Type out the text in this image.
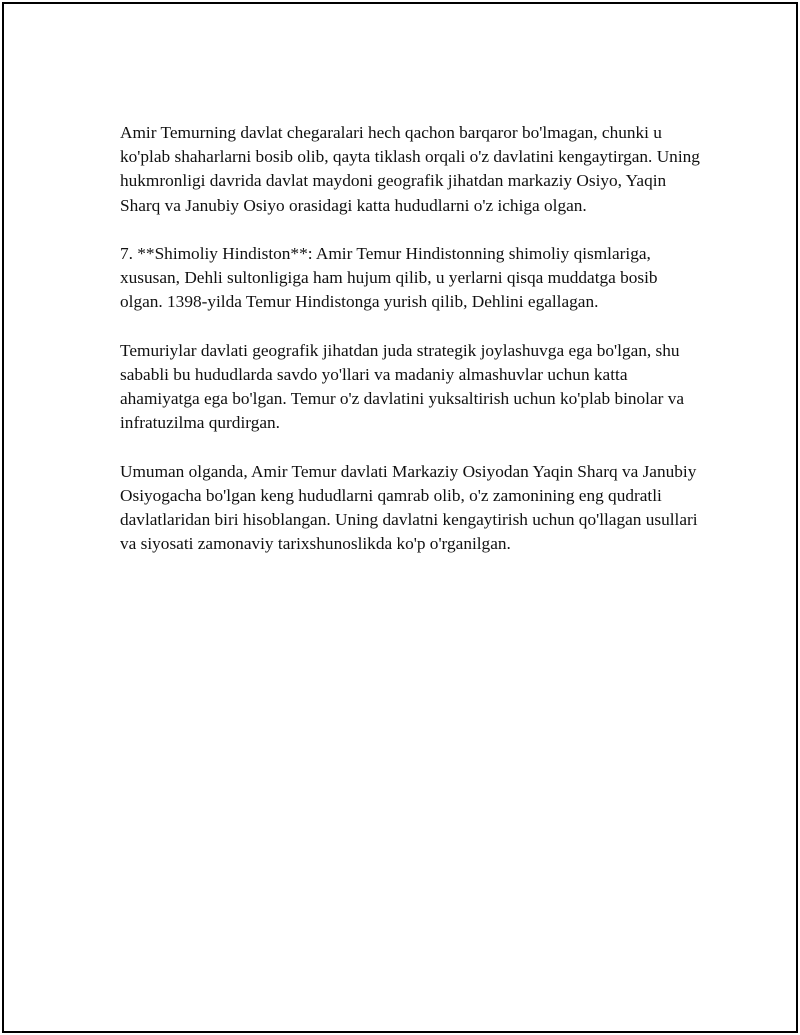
Amir Temurning davlat chegaralari hech qachon barqaror bo'lmagan, chunki u ko'plab shaharlarni bosib olib, qayta tiklash orqali o'z davlatini kengaytirgan. Uning hukmronligi davrida davlat maydoni geografik jihatdan markaziy Osiyo, Yaqin Sharq va Janubiy Osiyo orasidagi katta hududlarni o'z ichiga olgan.

7. **Shimoliy Hindiston**: Amir Temur Hindistonning shimoliy qismlariga, xususan, Dehli sultonligiga ham hujum qilib, u yerlarni qisqa muddatga bosib olgan. 1398-yilda Temur Hindistonga yurish qilib, Dehlini egallagan.

Temuriylar davlati geografik jihatdan juda strategik joylashuvga ega bo'lgan, shu sababli bu hududlarda savdo yo'llari va madaniy almashuvlar uchun katta ahamiyatga ega bo'lgan. Temur o'z davlatini yuksaltirish uchun ko'plab binolar va infratuzilma qurdirgan.

Umuman olganda, Amir Temur davlati Markaziy Osiyodan Yaqin Sharq va Janubiy Osiyogacha bo'lgan keng hududlarni qamrab olib, o'z zamonining eng qudratli davlatlaridan biri hisoblangan. Uning davlatni kengaytirish uchun qo'llagan usullari va siyosati zamonaviy tarixshunoslikda ko'p o'rganilgan.
